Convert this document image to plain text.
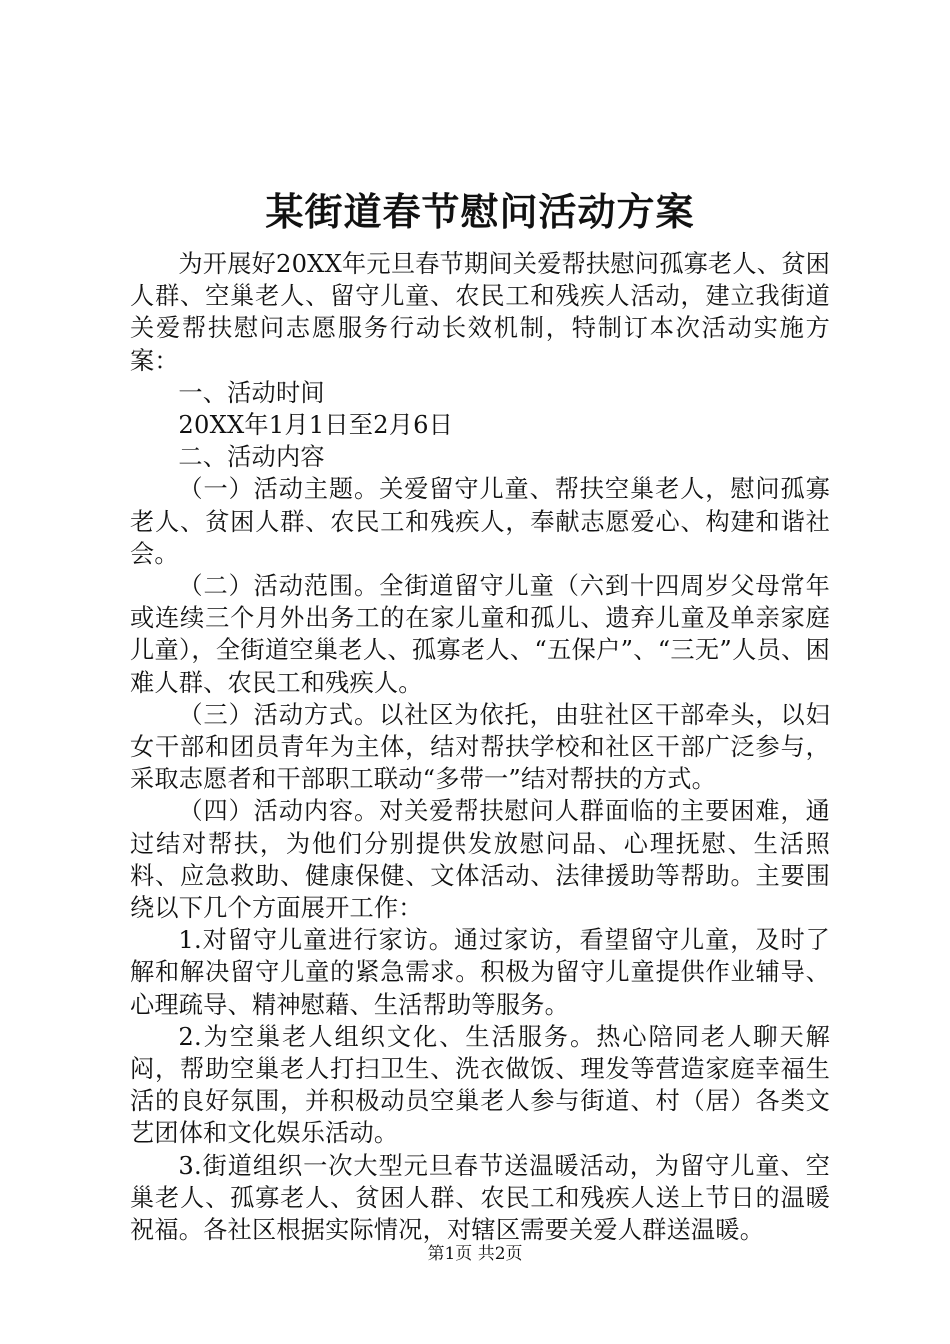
某街道春节慰问活动方案

为开展好20XX年元旦春节期间关爱帮扶慰问孤寡老人、贫困人群、空巢老人、留守儿童、农民工和残疾人活动，建立我街道关爱帮扶慰问志愿服务行动长效机制，特制订本次活动实施方案：

一、活动时间

20XX年1月1日至2月6日

二、活动内容

（一）活动主题。关爱留守儿童、帮扶空巢老人，慰问孤寡老人、贫困人群、农民工和残疾人，奉献志愿爱心、构建和谐社会。

（二）活动范围。全街道留守儿童（六到十四周岁父母常年或连续三个月外出务工的在家儿童和孤儿、遗弃儿童及单亲家庭儿童），全街道空巢老人、孤寡老人、“五保户”、“三无”人员、困难人群、农民工和残疾人。

（三）活动方式。以社区为依托，由驻社区干部牵头，以妇女干部和团员青年为主体，结对帮扶学校和社区干部广泛参与，采取志愿者和干部职工联动“多带一”结对帮扶的方式。

（四）活动内容。对关爱帮扶慰问人群面临的主要困难，通过结对帮扶，为他们分别提供发放慰问品、心理抚慰、生活照料、应急救助、健康保健、文体活动、法律援助等帮助。主要围绕以下几个方面展开工作：

1.对留守儿童进行家访。通过家访，看望留守儿童，及时了解和解决留守儿童的紧急需求。积极为留守儿童提供作业辅导、心理疏导、精神慰藉、生活帮助等服务。

2.为空巢老人组织文化、生活服务。热心陪同老人聊天解闷，帮助空巢老人打扫卫生、洗衣做饭、理发等营造家庭幸福生活的良好氛围，并积极动员空巢老人参与街道、村（居）各类文艺团体和文化娱乐活动。

3.街道组织一次大型元旦春节送温暖活动，为留守儿童、空巢老人、孤寡老人、贫困人群、农民工和残疾人送上节日的温暖祝福。各社区根据实际情况，对辖区需要关爱人群送温暖。

第1页 共2页
